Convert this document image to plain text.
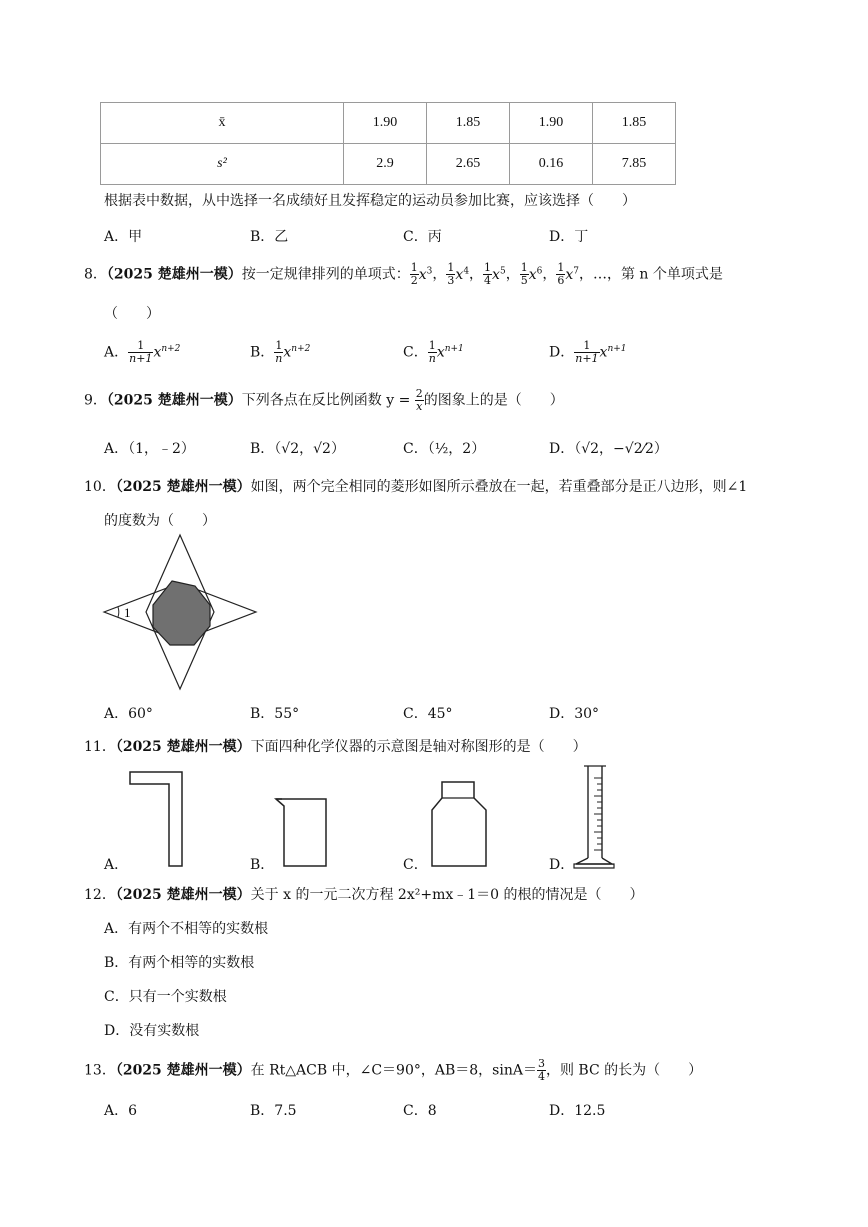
x̄	1.90	1.85	1.90	1.85
s²	2.9	2.65	0.16	7.85
根据表中数据，从中选择一名成绩好且发挥稳定的运动员参加比赛，应该选择（　　）
A．甲	B．乙	C．丙	D．丁
8．（2025 楚雄州一模）按一定规律排列的单项式： $\frac{1}{2} x^3$， $\frac{1}{3} x^4$， $\frac{1}{4} x^5$， $\frac{1}{5} x^6$， $\frac{1}{6} x^7$，…，第 n 个单项式是
（　　）
A． $\frac{1}{n+1} x^{n+2}$	B． $\frac{1}{n} x^{n+2}$	C． $\frac{1}{n} x^{n+1}$	D． $\frac{1}{n+1} x^{n+1}$
9．（2025 楚雄州一模）下列各点在反比例函数 $y = \frac{2}{x}$ 的图象上的是（　　）
A．（1，﹣2）	B．（√2，√2）	C．（½，2）	D．（√2，−√2⁄2）
10．（2025 楚雄州一模）如图，两个完全相同的菱形如图所示叠放在一起，若重叠部分是正八边形，则∠1
的度数为（　　）
1
A．60°	B．55°	C．45°	D．30°
11．（2025 楚雄州一模）下面四种化学仪器的示意图是轴对称图形的是（　　）
A．	B．	C．	D．
12．（2025 楚雄州一模）关于 x 的一元二次方程 2x²+mx﹣1＝0 的根的情况是（　　）
A．有两个不相等的实数根
B．有两个相等的实数根
C．只有一个实数根
D．没有实数根
13．（2025 楚雄州一模）在 Rt△ACB 中，∠C＝90°，AB＝8，$\sin A= \frac{3}{4}$ ，则 BC 的长为（　　）
A．6	B．7.5	C．8	D．12.5
